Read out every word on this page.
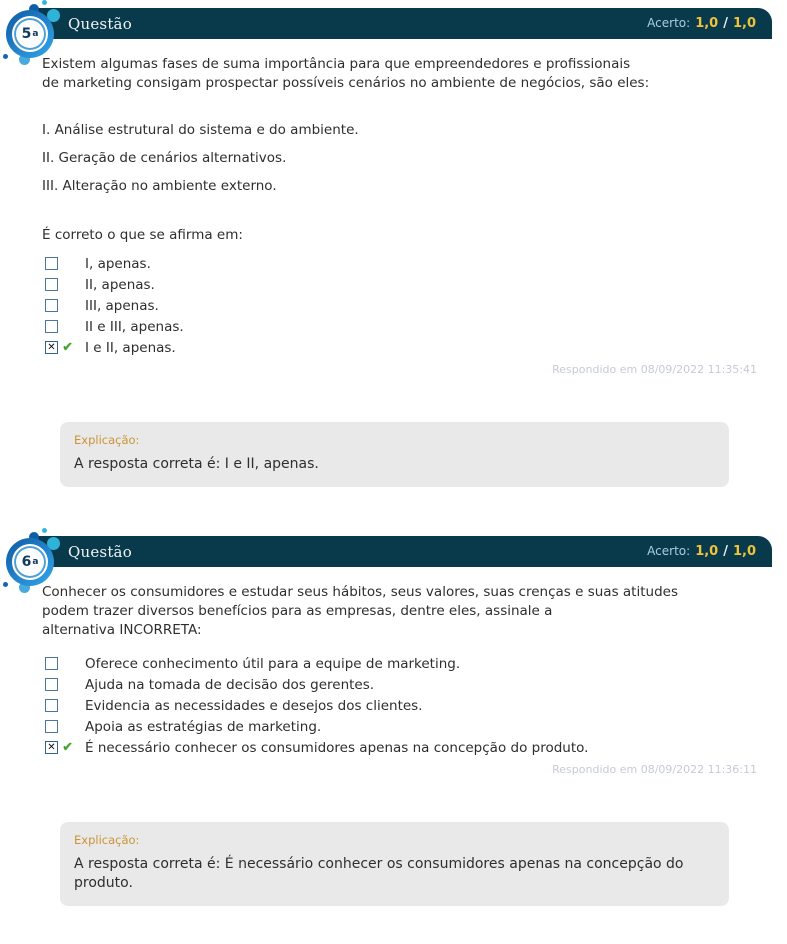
5 a
Questão	Acerto: 1,0 / 1,0
Existem algumas fases de suma importância para que empreendedores e profissionais
de marketing consigam prospectar possíveis cenários no ambiente de negócios, são eles:
I. Análise estrutural do sistema e do ambiente.
II. Geração de cenários alternativos.
III. Alteração no ambiente externo.
É correto o que se afirma em:
I, apenas.
II, apenas.
III, apenas.
II e III, apenas.
✕ ✔ I e II, apenas.
Respondido em 08/09/2022 11:35:41
Explicação:
A resposta correta é: I e II, apenas.
6 a
Questão	Acerto: 1,0 / 1,0
Conhecer os consumidores e estudar seus hábitos, seus valores, suas crenças e suas atitudes
podem trazer diversos benefícios para as empresas, dentre eles, assinale a
alternativa INCORRETA:
Oferece conhecimento útil para a equipe de marketing.
Ajuda na tomada de decisão dos gerentes.
Evidencia as necessidades e desejos dos clientes.
Apoia as estratégias de marketing.
✕ ✔ É necessário conhecer os consumidores apenas na concepção do produto.
Respondido em 08/09/2022 11:36:11
Explicação:
A resposta correta é: É necessário conhecer os consumidores apenas na concepção do produto.
